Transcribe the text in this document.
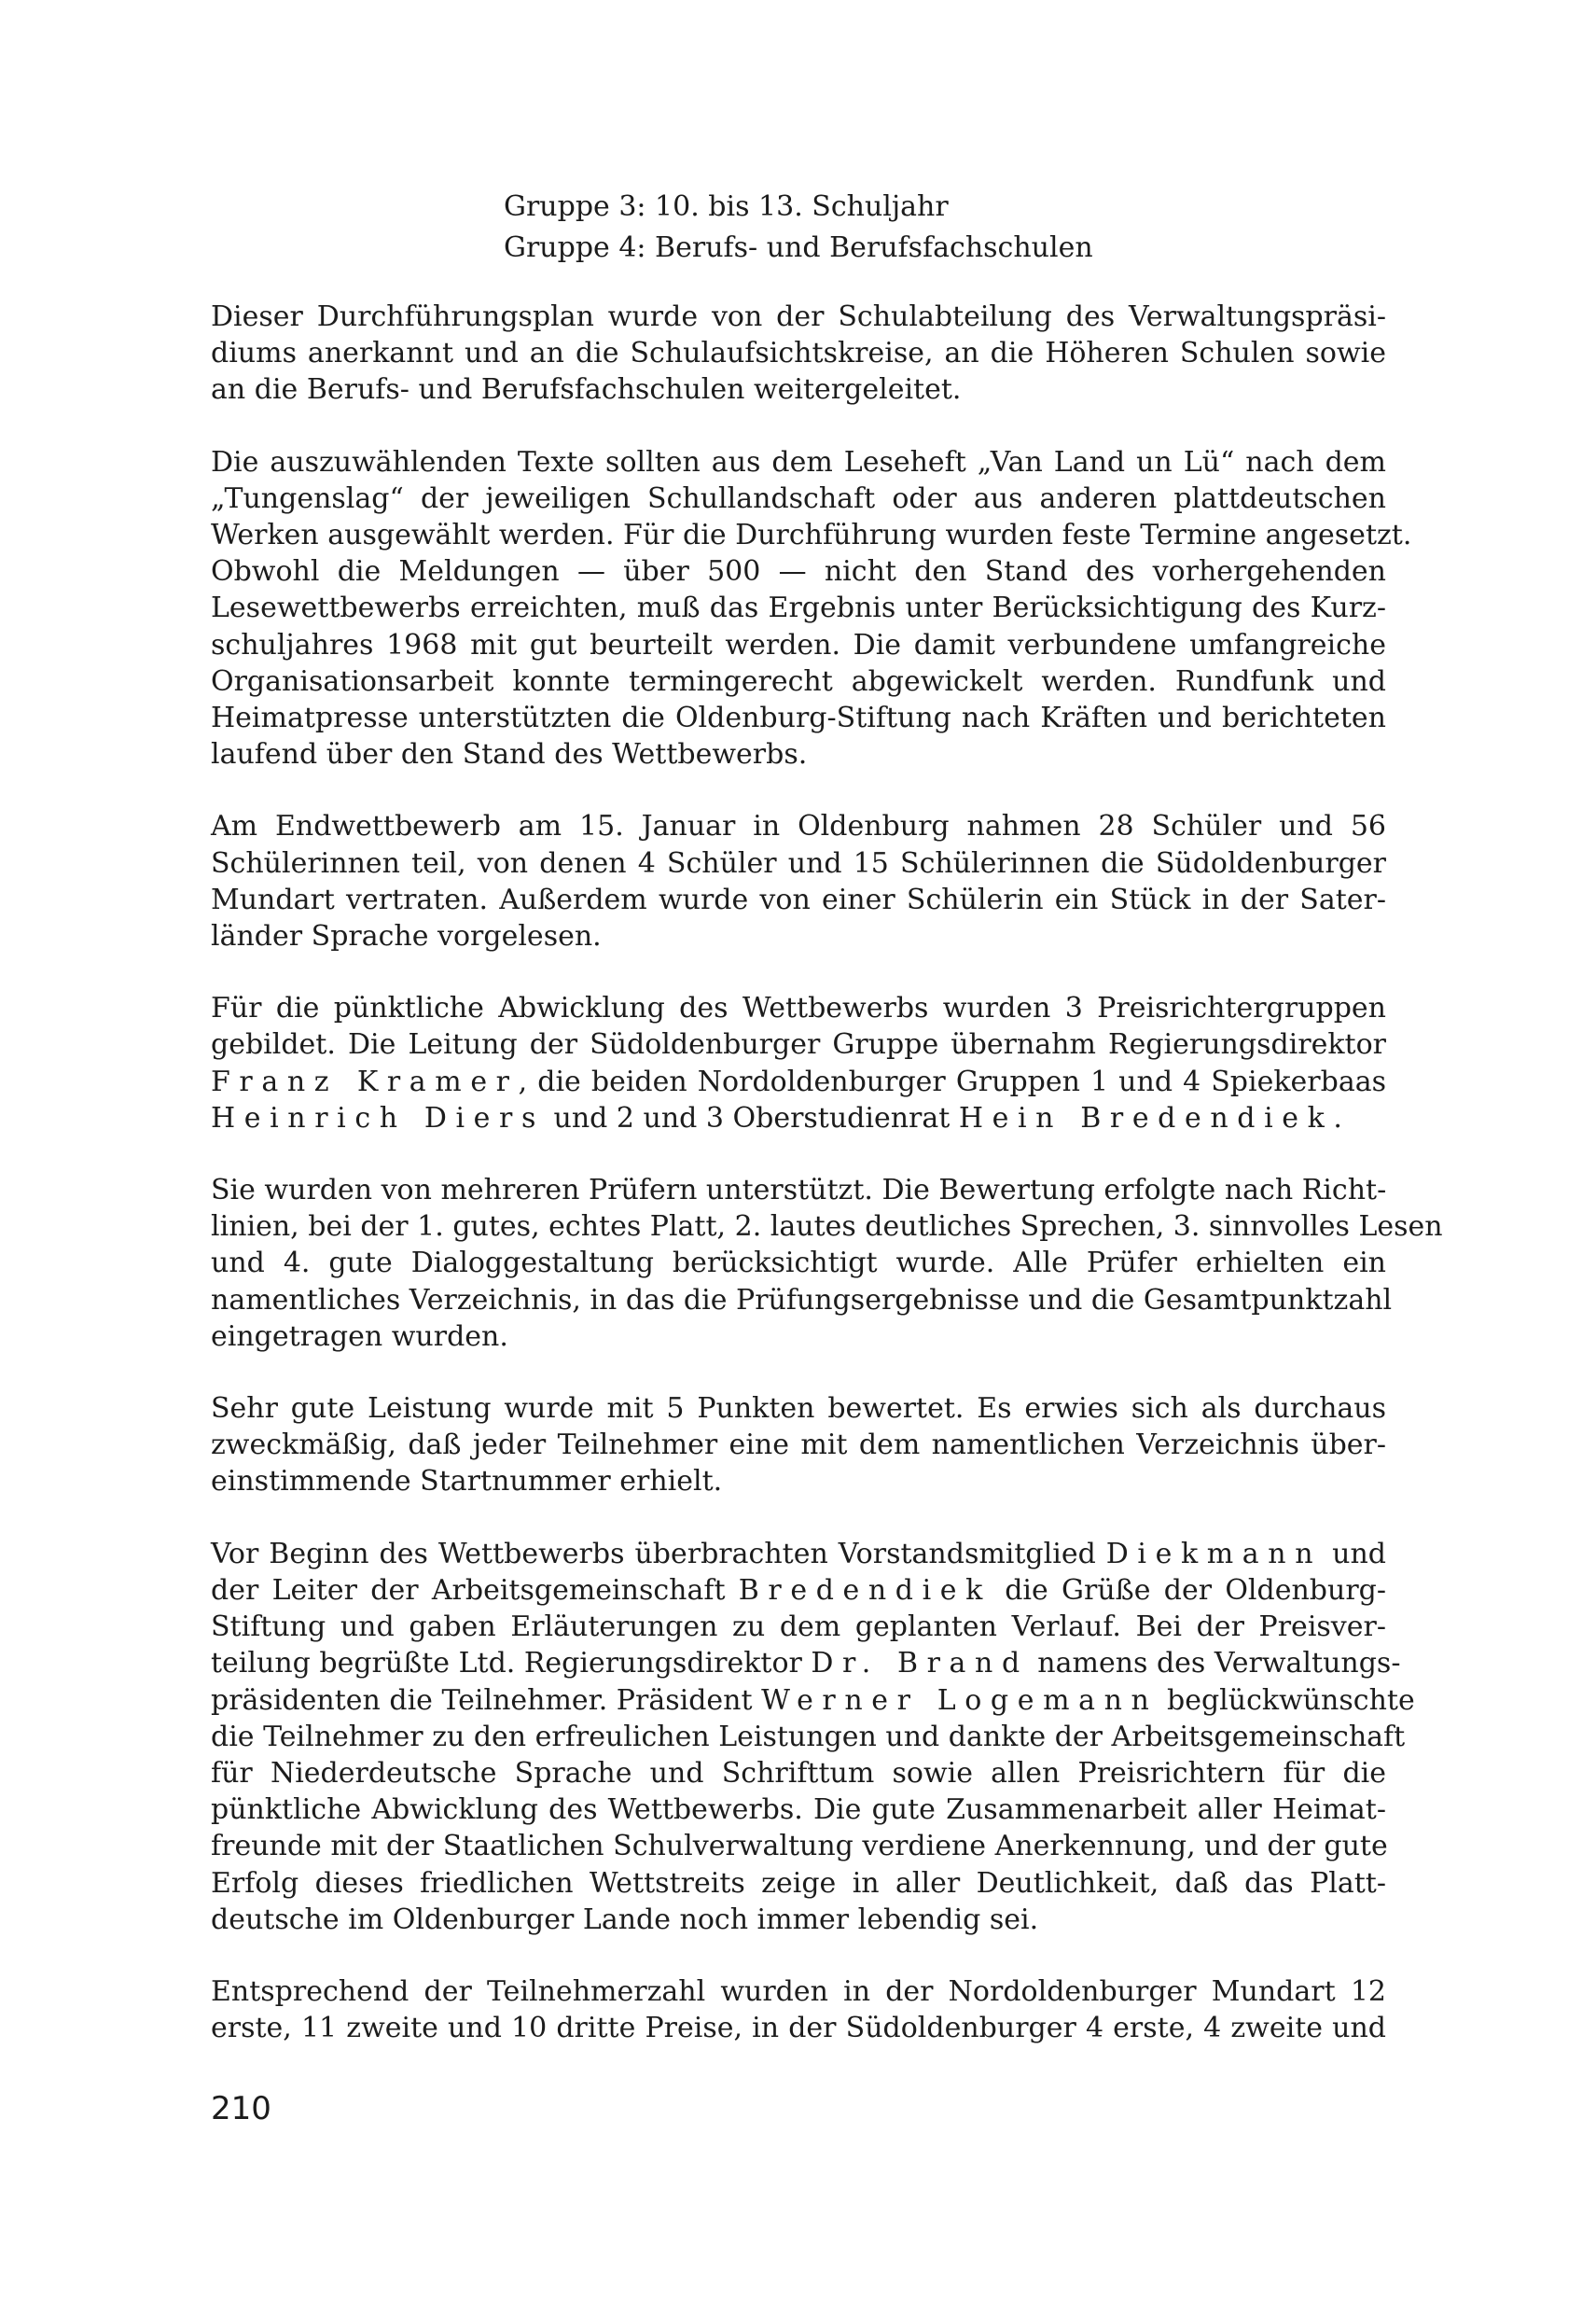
Gruppe 3: 10. bis 13. Schuljahr
Gruppe 4: Berufs- und Berufsfachschulen
Dieser Durchführungsplan wurde von der Schulabteilung des Verwaltungspräsi-
diums anerkannt und an die Schulaufsichtskreise, an die Höheren Schulen sowie
an die Berufs- und Berufsfachschulen weitergeleitet.
Die auszuwählenden Texte sollten aus dem Leseheft „Van Land un Lü“ nach dem
„Tungenslag“ der jeweiligen Schullandschaft oder aus anderen plattdeutschen
Werken ausgewählt werden. Für die Durchführung wurden feste Termine angesetzt.
Obwohl die Meldungen — über 500 — nicht den Stand des vorhergehenden
Lesewettbewerbs erreichten, muß das Ergebnis unter Berücksichtigung des Kurz-
schuljahres 1968 mit gut beurteilt werden. Die damit verbundene umfangreiche
Organisationsarbeit konnte termingerecht abgewickelt werden. Rundfunk und
Heimatpresse unterstützten die Oldenburg-Stiftung nach Kräften und berichteten
laufend über den Stand des Wettbewerbs.
Am Endwettbewerb am 15. Januar in Oldenburg nahmen 28 Schüler und 56
Schülerinnen teil, von denen 4 Schüler und 15 Schülerinnen die Südoldenburger
Mundart vertraten. Außerdem wurde von einer Schülerin ein Stück in der Sater-
länder Sprache vorgelesen.
Für die pünktliche Abwicklung des Wettbewerbs wurden 3 Preisrichtergruppen
gebildet. Die Leitung der Südoldenburger Gruppe übernahm Regierungsdirektor
Franz Kramer, die beiden Nordoldenburger Gruppen 1 und 4 Spiekerbaas
Heinrich Diers und 2 und 3 Oberstudienrat Hein Bredendiek.
Sie wurden von mehreren Prüfern unterstützt. Die Bewertung erfolgte nach Richt-
linien, bei der 1. gutes, echtes Platt, 2. lautes deutliches Sprechen, 3. sinnvolles Lesen
und 4. gute Dialoggestaltung berücksichtigt wurde. Alle Prüfer erhielten ein
namentliches Verzeichnis, in das die Prüfungsergebnisse und die Gesamtpunktzahl
eingetragen wurden.
Sehr gute Leistung wurde mit 5 Punkten bewertet. Es erwies sich als durchaus
zweckmäßig, daß jeder Teilnehmer eine mit dem namentlichen Verzeichnis über-
einstimmende Startnummer erhielt.
Vor Beginn des Wettbewerbs überbrachten Vorstandsmitglied Diekmann und
der Leiter der Arbeitsgemeinschaft Bredendiek die Grüße der Oldenburg-
Stiftung und gaben Erläuterungen zu dem geplanten Verlauf. Bei der Preisver-
teilung begrüßte Ltd. Regierungsdirektor Dr. Brand namens des Verwaltungs-
präsidenten die Teilnehmer. Präsident Werner Logemann beglückwünschte
die Teilnehmer zu den erfreulichen Leistungen und dankte der Arbeitsgemeinschaft
für Niederdeutsche Sprache und Schrifttum sowie allen Preisrichtern für die
pünktliche Abwicklung des Wettbewerbs. Die gute Zusammenarbeit aller Heimat-
freunde mit der Staatlichen Schulverwaltung verdiene Anerkennung, und der gute
Erfolg dieses friedlichen Wettstreits zeige in aller Deutlichkeit, daß das Platt-
deutsche im Oldenburger Lande noch immer lebendig sei.
Entsprechend der Teilnehmerzahl wurden in der Nordoldenburger Mundart 12
erste, 11 zweite und 10 dritte Preise, in der Südoldenburger 4 erste, 4 zweite und
210
